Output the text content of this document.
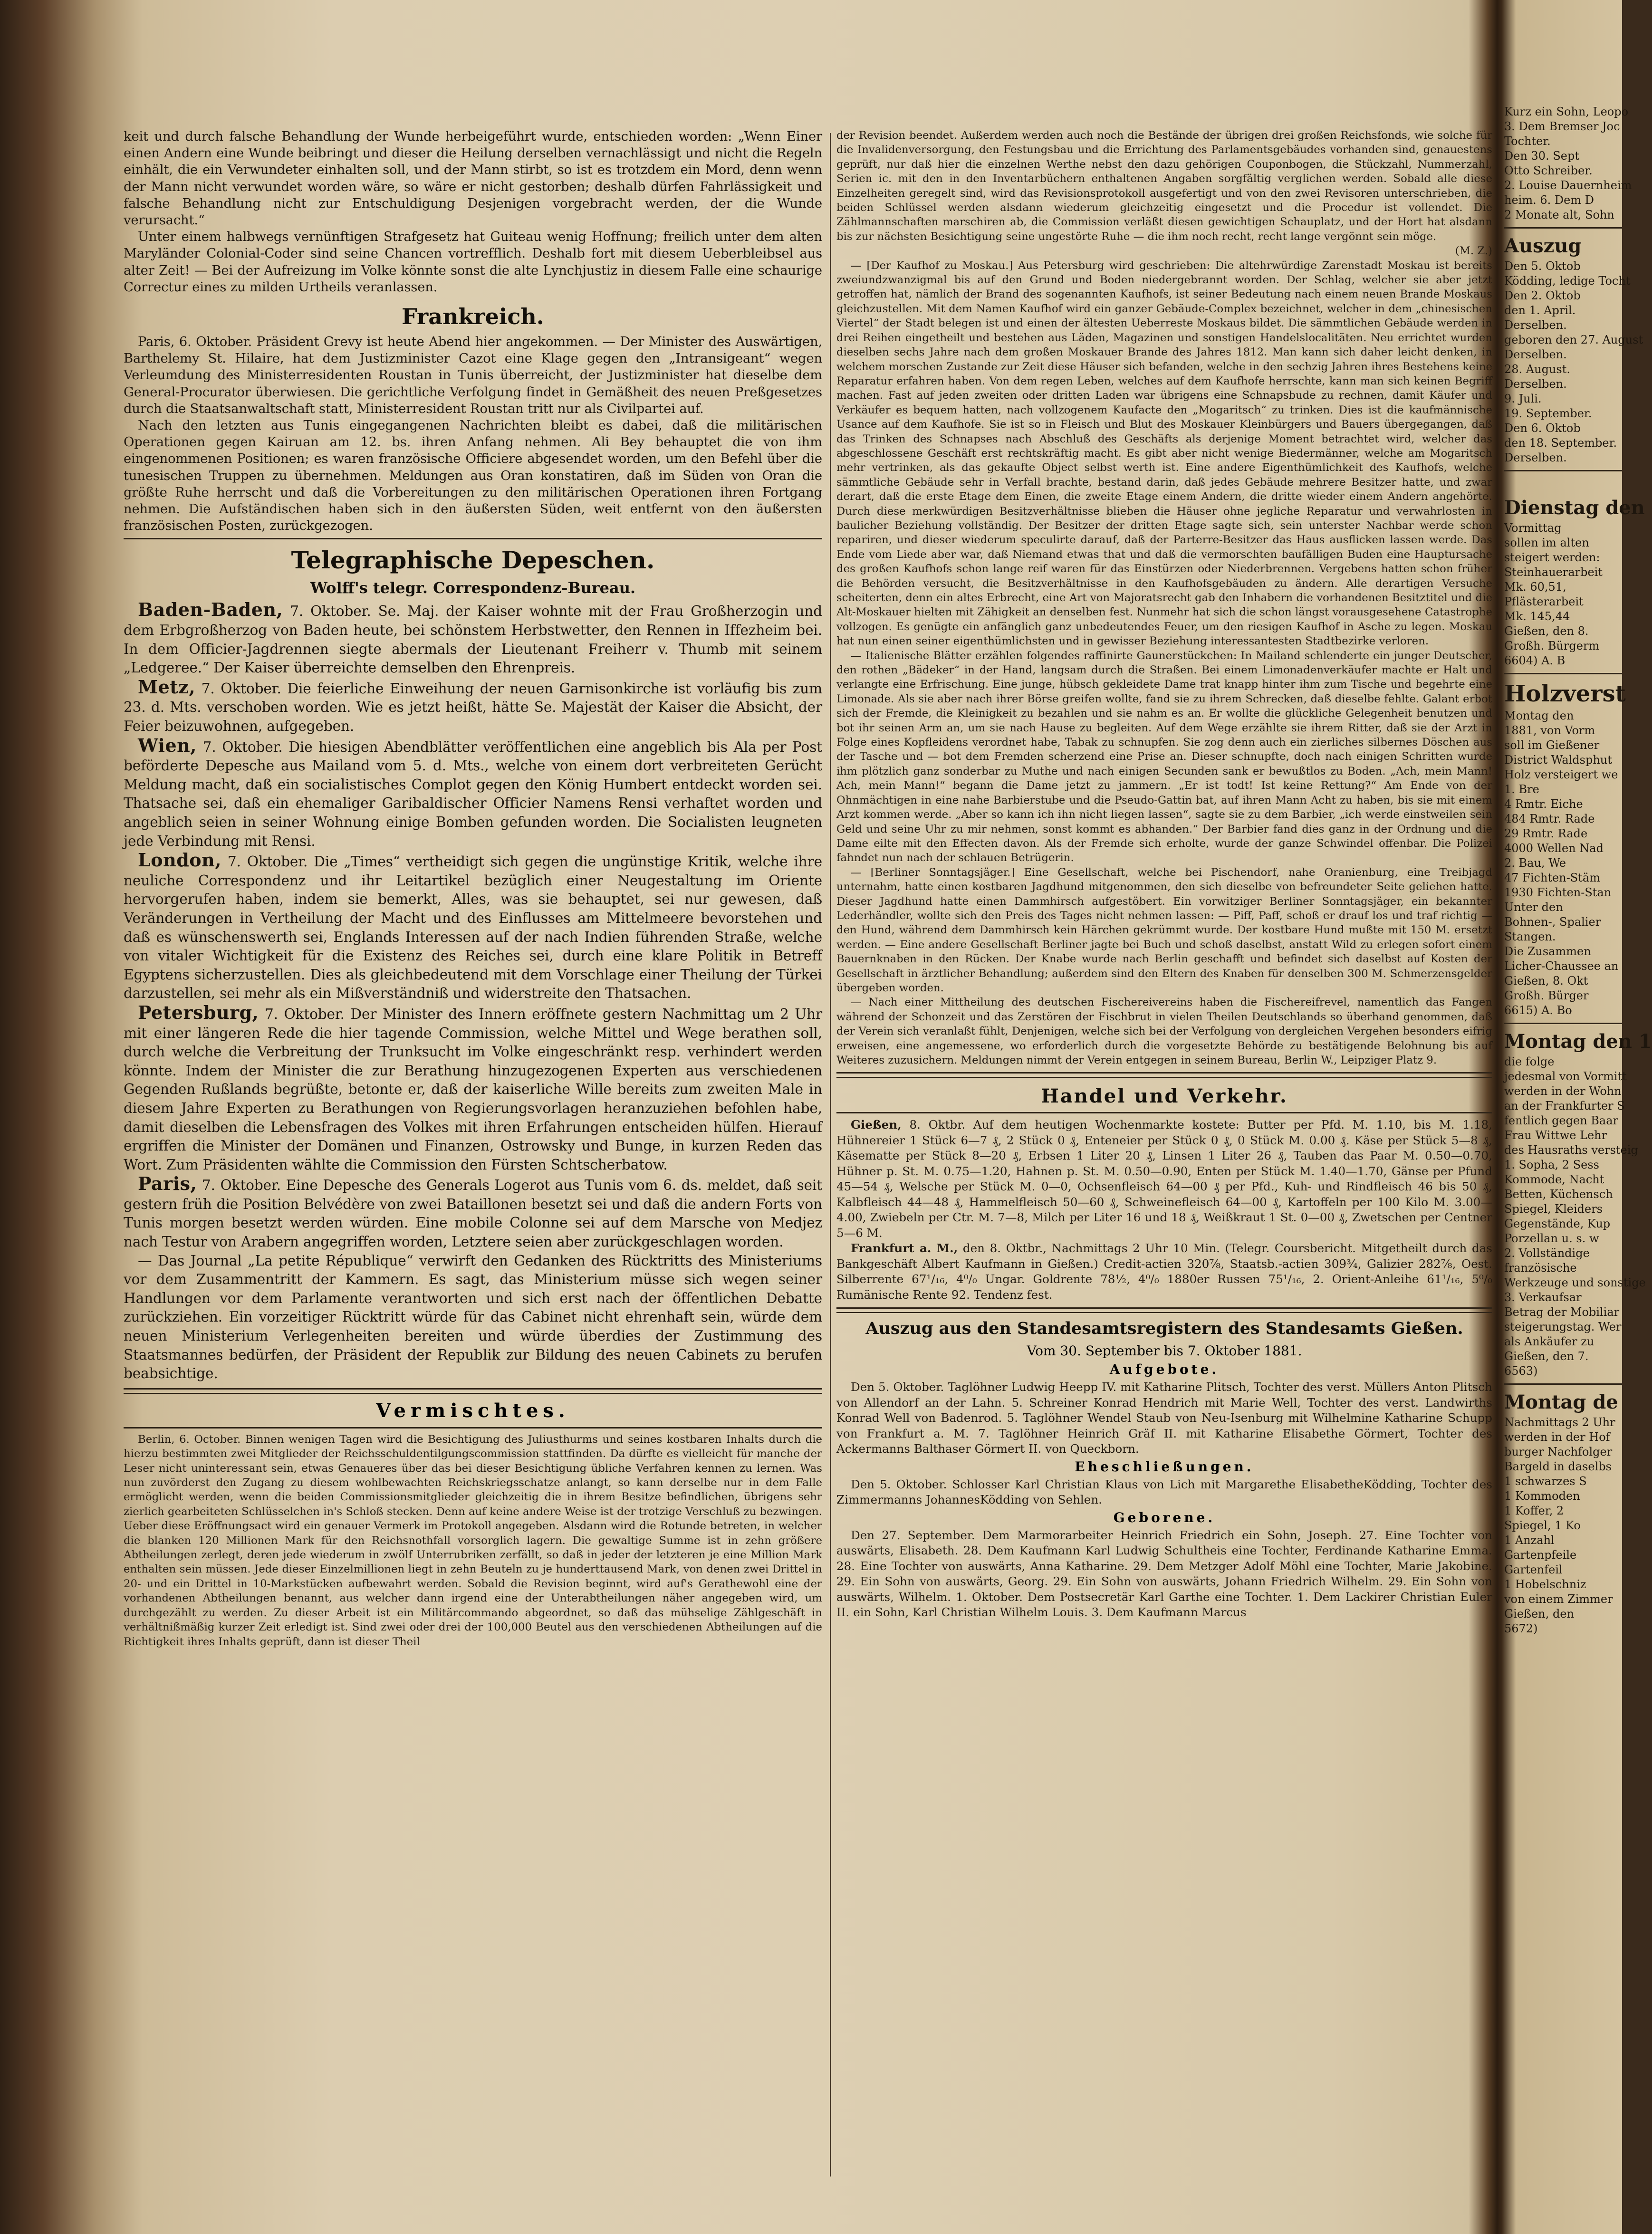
keit und durch falsche Behandlung der Wunde herbeigeführt wurde, entschieden worden: „Wenn Einer einen Andern eine Wunde beibringt und dieser die Heilung derselben vernachlässigt und nicht die Regeln einhält, die ein Verwundeter einhalten soll, und der Mann stirbt, so ist es trotzdem ein Mord, denn wenn der Mann nicht verwundet worden wäre, so wäre er nicht gestorben; deshalb dürfen Fahrlässigkeit und falsche Behandlung nicht zur Entschuldigung Desjenigen vorgebracht werden, der die Wunde verursacht.“

Unter einem halbwegs vernünftigen Strafgesetz hat Guiteau wenig Hoffnung; freilich unter dem alten Maryländer Colonial-Coder sind seine Chancen vortrefflich. Deshalb fort mit diesem Ueberbleibsel aus alter Zeit! — Bei der Aufreizung im Volke könnte sonst die alte Lynchjustiz in diesem Falle eine schaurige Correctur eines zu milden Urtheils veranlassen.

Frankreich.

Paris, 6. Oktober. Präsident Grevy ist heute Abend hier angekommen. — Der Minister des Auswärtigen, Barthelemy St. Hilaire, hat dem Justizminister Cazot eine Klage gegen den „Intransigeant“ wegen Verleumdung des Ministerresidenten Roustan in Tunis überreicht, der Justizminister hat dieselbe dem General-Procurator überwiesen. Die gerichtliche Verfolgung findet in Gemäßheit des neuen Preßgesetzes durch die Staatsanwaltschaft statt, Ministerresident Roustan tritt nur als Civilpartei auf.

Nach den letzten aus Tunis eingegangenen Nachrichten bleibt es dabei, daß die militärischen Operationen gegen Kairuan am 12. bs. ihren Anfang nehmen. Ali Bey behauptet die von ihm eingenommenen Positionen; es waren französische Officiere abgesendet worden, um den Befehl über die tunesischen Truppen zu übernehmen. Meldungen aus Oran konstatiren, daß im Süden von Oran die größte Ruhe herrscht und daß die Vorbereitungen zu den militärischen Operationen ihren Fortgang nehmen. Die Aufständischen haben sich in den äußersten Süden, weit entfernt von den äußersten französischen Posten, zurückgezogen.

Telegraphische Depeschen.
Wolff's telegr. Correspondenz-Bureau.

Baden-Baden, 7. Oktober. Se. Maj. der Kaiser wohnte mit der Frau Großherzogin und dem Erbgroßherzog von Baden heute, bei schönstem Herbstwetter, den Rennen in Iffezheim bei. In dem Officier-Jagdrennen siegte abermals der Lieutenant Freiherr v. Thumb mit seinem „Ledgeree.“ Der Kaiser überreichte demselben den Ehrenpreis.

Metz, 7. Oktober. Die feierliche Einweihung der neuen Garnisonkirche ist vorläufig bis zum 23. d. Mts. verschoben worden. Wie es jetzt heißt, hätte Se. Majestät der Kaiser die Absicht, der Feier beizuwohnen, aufgegeben.

Wien, 7. Oktober. Die hiesigen Abendblätter veröffentlichen eine angeblich bis Ala per Post beförderte Depesche aus Mailand vom 5. d. Mts., welche von einem dort verbreiteten Gerücht Meldung macht, daß ein socialistisches Complot gegen den König Humbert entdeckt worden sei. Thatsache sei, daß ein ehemaliger Garibaldischer Officier Namens Rensi verhaftet worden und angeblich seien in seiner Wohnung einige Bomben gefunden worden. Die Socialisten leugneten jede Verbindung mit Rensi.

London, 7. Oktober. Die „Times“ vertheidigt sich gegen die ungünstige Kritik, welche ihre neuliche Correspondenz und ihr Leitartikel bezüglich einer Neugestaltung im Oriente hervorgerufen haben, indem sie bemerkt, Alles, was sie behauptet, sei nur gewesen, daß Veränderungen in Vertheilung der Macht und des Einflusses am Mittelmeere bevorstehen und daß es wünschenswerth sei, Englands Interessen auf der nach Indien führenden Straße, welche von vitaler Wichtigkeit für die Existenz des Reiches sei, durch eine klare Politik in Betreff Egyptens sicherzustellen. Dies als gleichbedeutend mit dem Vorschlage einer Theilung der Türkei darzustellen, sei mehr als ein Mißverständniß und widerstreite den Thatsachen.

Petersburg, 7. Oktober. Der Minister des Innern eröffnete gestern Nachmittag um 2 Uhr mit einer längeren Rede die hier tagende Commission, welche Mittel und Wege berathen soll, durch welche die Verbreitung der Trunksucht im Volke eingeschränkt resp. verhindert werden könnte. Indem der Minister die zur Berathung hinzugezogenen Experten aus verschiedenen Gegenden Rußlands begrüßte, betonte er, daß der kaiserliche Wille bereits zum zweiten Male in diesem Jahre Experten zu Berathungen von Regierungsvorlagen heranzuziehen befohlen habe, damit dieselben die Lebensfragen des Volkes mit ihren Erfahrungen entscheiden hülfen. Hierauf ergriffen die Minister der Domänen und Finanzen, Ostrowsky und Bunge, in kurzen Reden das Wort. Zum Präsidenten wählte die Commission den Fürsten Schtscherbatow.

Paris, 7. Oktober. Eine Depesche des Generals Logerot aus Tunis vom 6. ds. meldet, daß seit gestern früh die Position Belvédère von zwei Bataillonen besetzt sei und daß die andern Forts von Tunis morgen besetzt werden würden. Eine mobile Colonne sei auf dem Marsche von Medjez nach Testur von Arabern angegriffen worden, Letztere seien aber zurückgeschlagen worden.

— Das Journal „La petite République“ verwirft den Gedanken des Rücktritts des Ministeriums vor dem Zusammentritt der Kammern. Es sagt, das Ministerium müsse sich wegen seiner Handlungen vor dem Parlamente verantworten und sich erst nach der öffentlichen Debatte zurückziehen. Ein vorzeitiger Rücktritt würde für das Cabinet nicht ehrenhaft sein, würde dem neuen Ministerium Verlegenheiten bereiten und würde überdies der Zustimmung des Staatsmannes bedürfen, der Präsident der Republik zur Bildung des neuen Cabinets zu berufen beabsichtige.

Vermischtes.

Berlin, 6. October. Binnen wenigen Tagen wird die Besichtigung des Juliusthurms und seines kostbaren Inhalts durch die hierzu bestimmten zwei Mitglieder der Reichsschuldentilgungscommission stattfinden. Da dürfte es vielleicht für manche der Leser nicht uninteressant sein, etwas Genaueres über das bei dieser Besichtigung übliche Verfahren kennen zu lernen. Was nun zuvörderst den Zugang zu diesem wohlbewachten Reichskriegsschatze anlangt, so kann derselbe nur in dem Falle ermöglicht werden, wenn die beiden Commissionsmitglieder gleichzeitig die in ihrem Besitze befindlichen, übrigens sehr zierlich gearbeiteten Schlüsselchen in's Schloß stecken. Denn auf keine andere Weise ist der trotzige Verschluß zu bezwingen. Ueber diese Eröffnungsact wird ein genauer Vermerk im Protokoll angegeben. Alsdann wird die Rotunde betreten, in welcher die blanken 120 Millionen Mark für den Reichsnothfall vorsorglich lagern. Die gewaltige Summe ist in zehn größere Abtheilungen zerlegt, deren jede wiederum in zwölf Unterrubriken zerfällt, so daß in jeder der letzteren je eine Million Mark enthalten sein müssen. Jede dieser Einzelmillionen liegt in zehn Beuteln zu je hunderttausend Mark, von denen zwei Drittel in 20- und ein Drittel in 10-Markstücken aufbewahrt werden. Sobald die Revision beginnt, wird auf's Gerathewohl eine der vorhandenen Abtheilungen benannt, aus welcher dann irgend eine der Unterabtheilungen näher angegeben wird, um durchgezählt zu werden. Zu dieser Arbeit ist ein Militärcommando abgeordnet, so daß das mühselige Zählgeschäft in verhältnißmäßig kurzer Zeit erledigt ist. Sind zwei oder drei der 100,000 Beutel aus den verschiedenen Abtheilungen auf die Richtigkeit ihres Inhalts geprüft, dann ist dieser Theil

der Revision beendet. Außerdem werden auch noch die Bestände der übrigen drei großen Reichsfonds, wie solche für die Invalidenversorgung, den Festungsbau und die Errichtung des Parlamentsgebäudes vorhanden sind, genauestens geprüft, nur daß hier die einzelnen Werthe nebst den dazu gehörigen Couponbogen, die Stückzahl, Nummerzahl, Serien ic. mit den in den Inventarbüchern enthaltenen Angaben sorgfältig verglichen werden. Sobald alle diese Einzelheiten geregelt sind, wird das Revisionsprotokoll ausgefertigt und von den zwei Revisoren unterschrieben, die beiden Schlüssel werden alsdann wiederum gleichzeitig eingesetzt und die Procedur ist vollendet. Die Zählmannschaften marschiren ab, die Commission verläßt diesen gewichtigen Schauplatz, und der Hort hat alsdann bis zur nächsten Besichtigung seine ungestörte Ruhe — die ihm noch recht, recht lange vergönnt sein möge.

(M. Z.)

— [Der Kaufhof zu Moskau.] Aus Petersburg wird geschrieben: Die altehrwürdige Zarenstadt Moskau ist bereits zweiundzwanzigmal bis auf den Grund und Boden niedergebrannt worden. Der Schlag, welcher sie aber jetzt getroffen hat, nämlich der Brand des sogenannten Kaufhofs, ist seiner Bedeutung nach einem neuen Brande Moskaus gleichzustellen. Mit dem Namen Kaufhof wird ein ganzer Gebäude-Complex bezeichnet, welcher in dem „chinesischen Viertel“ der Stadt belegen ist und einen der ältesten Ueberreste Moskaus bildet. Die sämmtlichen Gebäude werden in drei Reihen eingetheilt und bestehen aus Läden, Magazinen und sonstigen Handelslocalitäten. Neu errichtet wurden dieselben sechs Jahre nach dem großen Moskauer Brande des Jahres 1812. Man kann sich daher leicht denken, in welchem morschen Zustande zur Zeit diese Häuser sich befanden, welche in den sechzig Jahren ihres Bestehens keine Reparatur erfahren haben. Von dem regen Leben, welches auf dem Kaufhofe herrschte, kann man sich keinen Begriff machen. Fast auf jeden zweiten oder dritten Laden war übrigens eine Schnapsbude zu rechnen, damit Käufer und Verkäufer es bequem hatten, nach vollzogenem Kaufacte den „Mogaritsch“ zu trinken. Dies ist die kaufmännische Usance auf dem Kaufhofe. Sie ist so in Fleisch und Blut des Moskauer Kleinbürgers und Bauers übergegangen, daß das Trinken des Schnapses nach Abschluß des Geschäfts als derjenige Moment betrachtet wird, welcher das abgeschlossene Geschäft erst rechtskräftig macht. Es gibt aber nicht wenige Biedermänner, welche am Mogaritsch mehr vertrinken, als das gekaufte Object selbst werth ist. Eine andere Eigenthümlichkeit des Kaufhofs, welche sämmtliche Gebäude sehr in Verfall brachte, bestand darin, daß jedes Gebäude mehrere Besitzer hatte, und zwar derart, daß die erste Etage dem Einen, die zweite Etage einem Andern, die dritte wieder einem Andern angehörte. Durch diese merkwürdigen Besitzverhältnisse blieben die Häuser ohne jegliche Reparatur und verwahrlosten in baulicher Beziehung vollständig. Der Besitzer der dritten Etage sagte sich, sein unterster Nachbar werde schon repariren, und dieser wiederum speculirte darauf, daß der Parterre-Besitzer das Haus ausflicken lassen werde. Das Ende vom Liede aber war, daß Niemand etwas that und daß die vermorschten baufälligen Buden eine Hauptursache des großen Kaufhofs schon lange reif waren für das Einstürzen oder Niederbrennen. Vergebens hatten schon früher die Behörden versucht, die Besitzverhältnisse in den Kaufhofsgebäuden zu ändern. Alle derartigen Versuche scheiterten, denn ein altes Erbrecht, eine Art von Majoratsrecht gab den Inhabern die vorhandenen Besitztitel und die Alt-Moskauer hielten mit Zähigkeit an denselben fest. Nunmehr hat sich die schon längst vorausgesehene Catastrophe vollzogen. Es genügte ein anfänglich ganz unbedeutendes Feuer, um den riesigen Kaufhof in Asche zu legen. Moskau hat nun einen seiner eigenthümlichsten und in gewisser Beziehung interessantesten Stadtbezirke verloren.

— Italienische Blätter erzählen folgendes raffinirte Gaunerstückchen: In Mailand schlenderte ein junger Deutscher, den rothen „Bädeker“ in der Hand, langsam durch die Straßen. Bei einem Limonadenverkäufer machte er Halt und verlangte eine Erfrischung. Eine junge, hübsch gekleidete Dame trat knapp hinter ihm zum Tische und begehrte eine Limonade. Als sie aber nach ihrer Börse greifen wollte, fand sie zu ihrem Schrecken, daß dieselbe fehlte. Galant erbot sich der Fremde, die Kleinigkeit zu bezahlen und sie nahm es an. Er wollte die glückliche Gelegenheit benutzen und bot ihr seinen Arm an, um sie nach Hause zu begleiten. Auf dem Wege erzählte sie ihrem Ritter, daß sie der Arzt in Folge eines Kopfleidens verordnet habe, Tabak zu schnupfen. Sie zog denn auch ein zierliches silbernes Döschen aus der Tasche und — bot dem Fremden scherzend eine Prise an. Dieser schnupfte, doch nach einigen Schritten wurde ihm plötzlich ganz sonderbar zu Muthe und nach einigen Secunden sank er bewußtlos zu Boden. „Ach, mein Mann! Ach, mein Mann!“ begann die Dame jetzt zu jammern. „Er ist todt! Ist keine Rettung?“ Am Ende von der Ohnmächtigen in eine nahe Barbierstube und die Pseudo-Gattin bat, auf ihren Mann Acht zu haben, bis sie mit einem Arzt kommen werde. „Aber so kann ich ihn nicht liegen lassen“, sagte sie zu dem Barbier, „ich werde einstweilen sein Geld und seine Uhr zu mir nehmen, sonst kommt es abhanden.“ Der Barbier fand dies ganz in der Ordnung und die Dame eilte mit den Effecten davon. Als der Fremde sich erholte, wurde der ganze Schwindel offenbar. Die Polizei fahndet nun nach der schlauen Betrügerin.

— [Berliner Sonntagsjäger.] Eine Gesellschaft, welche bei Pischendorf, nahe Oranienburg, eine Treibjagd unternahm, hatte einen kostbaren Jagdhund mitgenommen, den sich dieselbe von befreundeter Seite geliehen hatte. Dieser Jagdhund hatte einen Dammhirsch aufgestöbert. Ein vorwitziger Berliner Sonntagsjäger, ein bekannter Lederhändler, wollte sich den Preis des Tages nicht nehmen lassen: — Piff, Paff, schoß er drauf los und traf richtig — den Hund, während dem Dammhirsch kein Härchen gekrümmt wurde. Der kostbare Hund mußte mit 150 M. ersetzt werden. — Eine andere Gesellschaft Berliner jagte bei Buch und schoß daselbst, anstatt Wild zu erlegen sofort einem Bauernknaben in den Rücken. Der Knabe wurde nach Berlin geschafft und befindet sich daselbst auf Kosten der Gesellschaft in ärztlicher Behandlung; außerdem sind den Eltern des Knaben für denselben 300 M. Schmerzensgelder übergeben worden.

— Nach einer Mittheilung des deutschen Fischereivereins haben die Fischereifrevel, namentlich das Fangen während der Schonzeit und das Zerstören der Fischbrut in vielen Theilen Deutschlands so überhand genommen, daß der Verein sich veranlaßt fühlt, Denjenigen, welche sich bei der Verfolgung von dergleichen Vergehen besonders eifrig erweisen, eine angemessene, wo erforderlich durch die vorgesetzte Behörde zu bestätigende Belohnung bis auf Weiteres zuzusichern. Meldungen nimmt der Verein entgegen in seinem Bureau, Berlin W., Leipziger Platz 9.

Handel und Verkehr.

Gießen, 8. Oktbr. Auf dem heutigen Wochenmarkte kostete: Butter per Pfd. M. 1.10, bis M. 1.18, Hühnereier 1 Stück 6—7 ₰, 2 Stück 0 ₰, Enteneier per Stück 0 ₰, 0 Stück M. 0.00 ₰. Käse per Stück 5—8 ₰, Käsematte per Stück 8—20 ₰, Erbsen 1 Liter 20 ₰, Linsen 1 Liter 26 ₰, Tauben das Paar M. 0.50—0.70, Hühner p. St. M. 0.75—1.20, Hahnen p. St. M. 0.50—0.90, Enten per Stück M. 1.40—1.70, Gänse per Pfund 45—54 ₰, Welsche per Stück M. 0—0, Ochsenfleisch 64—00 ₰ per Pfd., Kuh- und Rindfleisch 46 bis 50 ₰, Kalbfleisch 44—48 ₰, Hammelfleisch 50—60 ₰, Schweinefleisch 64—00 ₰, Kartoffeln per 100 Kilo M. 3.00—4.00, Zwiebeln per Ctr. M. 7—8, Milch per Liter 16 und 18 ₰, Weißkraut 1 St. 0—00 ₰, Zwetschen per Centner 5—6 M.

Frankfurt a. M., den 8. Oktbr., Nachmittags 2 Uhr 10 Min. (Telegr. Coursbericht. Mitgetheilt durch das Bankgeschäft Albert Kaufmann in Gießen.) Credit-actien 320⅞, Staatsb.-actien 309¾, Galizier 282⅞, Oest. Silberrente 67¹/₁₆, 4⁰/₀ Ungar. Goldrente 78½, 4⁰/₀ 1880er Russen 75¹/₁₆, 2. Orient-Anleihe 61¹/₁₆, 5⁰/₀ Rumänische Rente 92. Tendenz fest.

Auszug aus den Standesamtsregistern des Standesamts Gießen.
Vom 30. September bis 7. Oktober 1881.
Aufgebote.

Den 5. Oktober. Taglöhner Ludwig Heepp IV. mit Katharine Plitsch, Tochter des verst. Müllers Anton Plitsch von Allendorf an der Lahn. 5. Schreiner Konrad Hendrich mit Marie Well, Tochter des verst. Landwirths Konrad Well von Badenrod. 5. Taglöhner Wendel Staub von Neu-Isenburg mit Wilhelmine Katharine Schupp von Frankfurt a. M. 7. Taglöhner Heinrich Gräf II. mit Katharine Elisabethe Görmert, Tochter des Ackermanns Balthaser Görmert II. von Queckborn.

Eheschließungen.

Den 5. Oktober. Schlosser Karl Christian Klaus von Lich mit Margarethe ElisabetheKödding, Tochter des Zimmermanns JohannesKödding von Sehlen.

Geborene.

Den 27. September. Dem Marmorarbeiter Heinrich Friedrich ein Sohn, Joseph. 27. Eine Tochter von auswärts, Elisabeth. 28. Dem Kaufmann Karl Ludwig Schultheis eine Tochter, Ferdinande Katharine Emma. 28. Eine Tochter von auswärts, Anna Katharine. 29. Dem Metzger Adolf Möhl eine Tochter, Marie Jakobine. 29. Ein Sohn von auswärts, Georg. 29. Ein Sohn von auswärts, Johann Friedrich Wilhelm. 29. Ein Sohn von auswärts, Wilhelm. 1. Oktober. Dem Postsecretär Karl Garthe eine Tochter. 1. Dem Lackirer Christian Euler II. ein Sohn, Karl Christian Wilhelm Louis. 3. Dem Kaufmann Marcus

Kurz ein Sohn, Leopo

3. Dem Bremser Joc

Tochter.

Den 30. Sept

Otto Schreiber.

2. Louise Dauernheim

heim. 6. Dem D

2 Monate alt, Sohn

Auszug

Den 5. Oktob

Ködding, ledige Tocht

Den 2. Oktob

den 1. April.

Derselben.

geboren den 27. August

Derselben.

28. August.

Derselben.

9. Juli.

19. September.

Den 6. Oktob

den 18. September.

Derselben.

Dienstag den

Vormittag

sollen im alten

steigert werden:

Steinhauerarbeit

Mk. 60,51,

Pflästerarbeit

Mk. 145,44

Gießen, den 8.

Großh. Bürgerm

6604) A. B

Holzverst

Montag den

1881, von Vorm

soll im Gießener

District Waldsphut

Holz versteigert we

1. Bre

4 Rmtr. Eiche

484 Rmtr. Rade

29 Rmtr. Rade

4000 Wellen Nad

2. Bau, We

47 Fichten-Stäm

1930 Fichten-Stan

Unter den

Bohnen-, Spalier

Stangen.

Die Zusammen

Licher-Chaussee an

Gießen, 8. Okt

Großh. Bürger

6615) A. Bo

Montag den 1

die folge

jedesmal von Vormitt

werden in der Wohn

an der Frankfurter S

fentlich gegen Baar

Frau Wittwe Lehr

des Hausraths versteig

1. Sopha, 2 Sess

Kommode, Nacht

Betten, Küchensch

Spiegel, Kleiders

Gegenstände, Kup

Porzellan u. s. w

2. Vollständige

französische

Werkzeuge und sonstige

3. Verkaufsar

Betrag der Mobiliar

steigerungstag. Wer

als Ankäufer zu

Gießen, den 7.

6563)

Montag de

Nachmittags 2 Uhr

werden in der Hof

burger Nachfolger

Bargeld in daselbs

1 schwarzes S

1 Kommoden

1 Koffer, 2

Spiegel, 1 Ko

1 Anzahl

Gartenpfeile

Gartenfeil

1 Hobelschniz

von einem Zimmer

Gießen, den

5672)
